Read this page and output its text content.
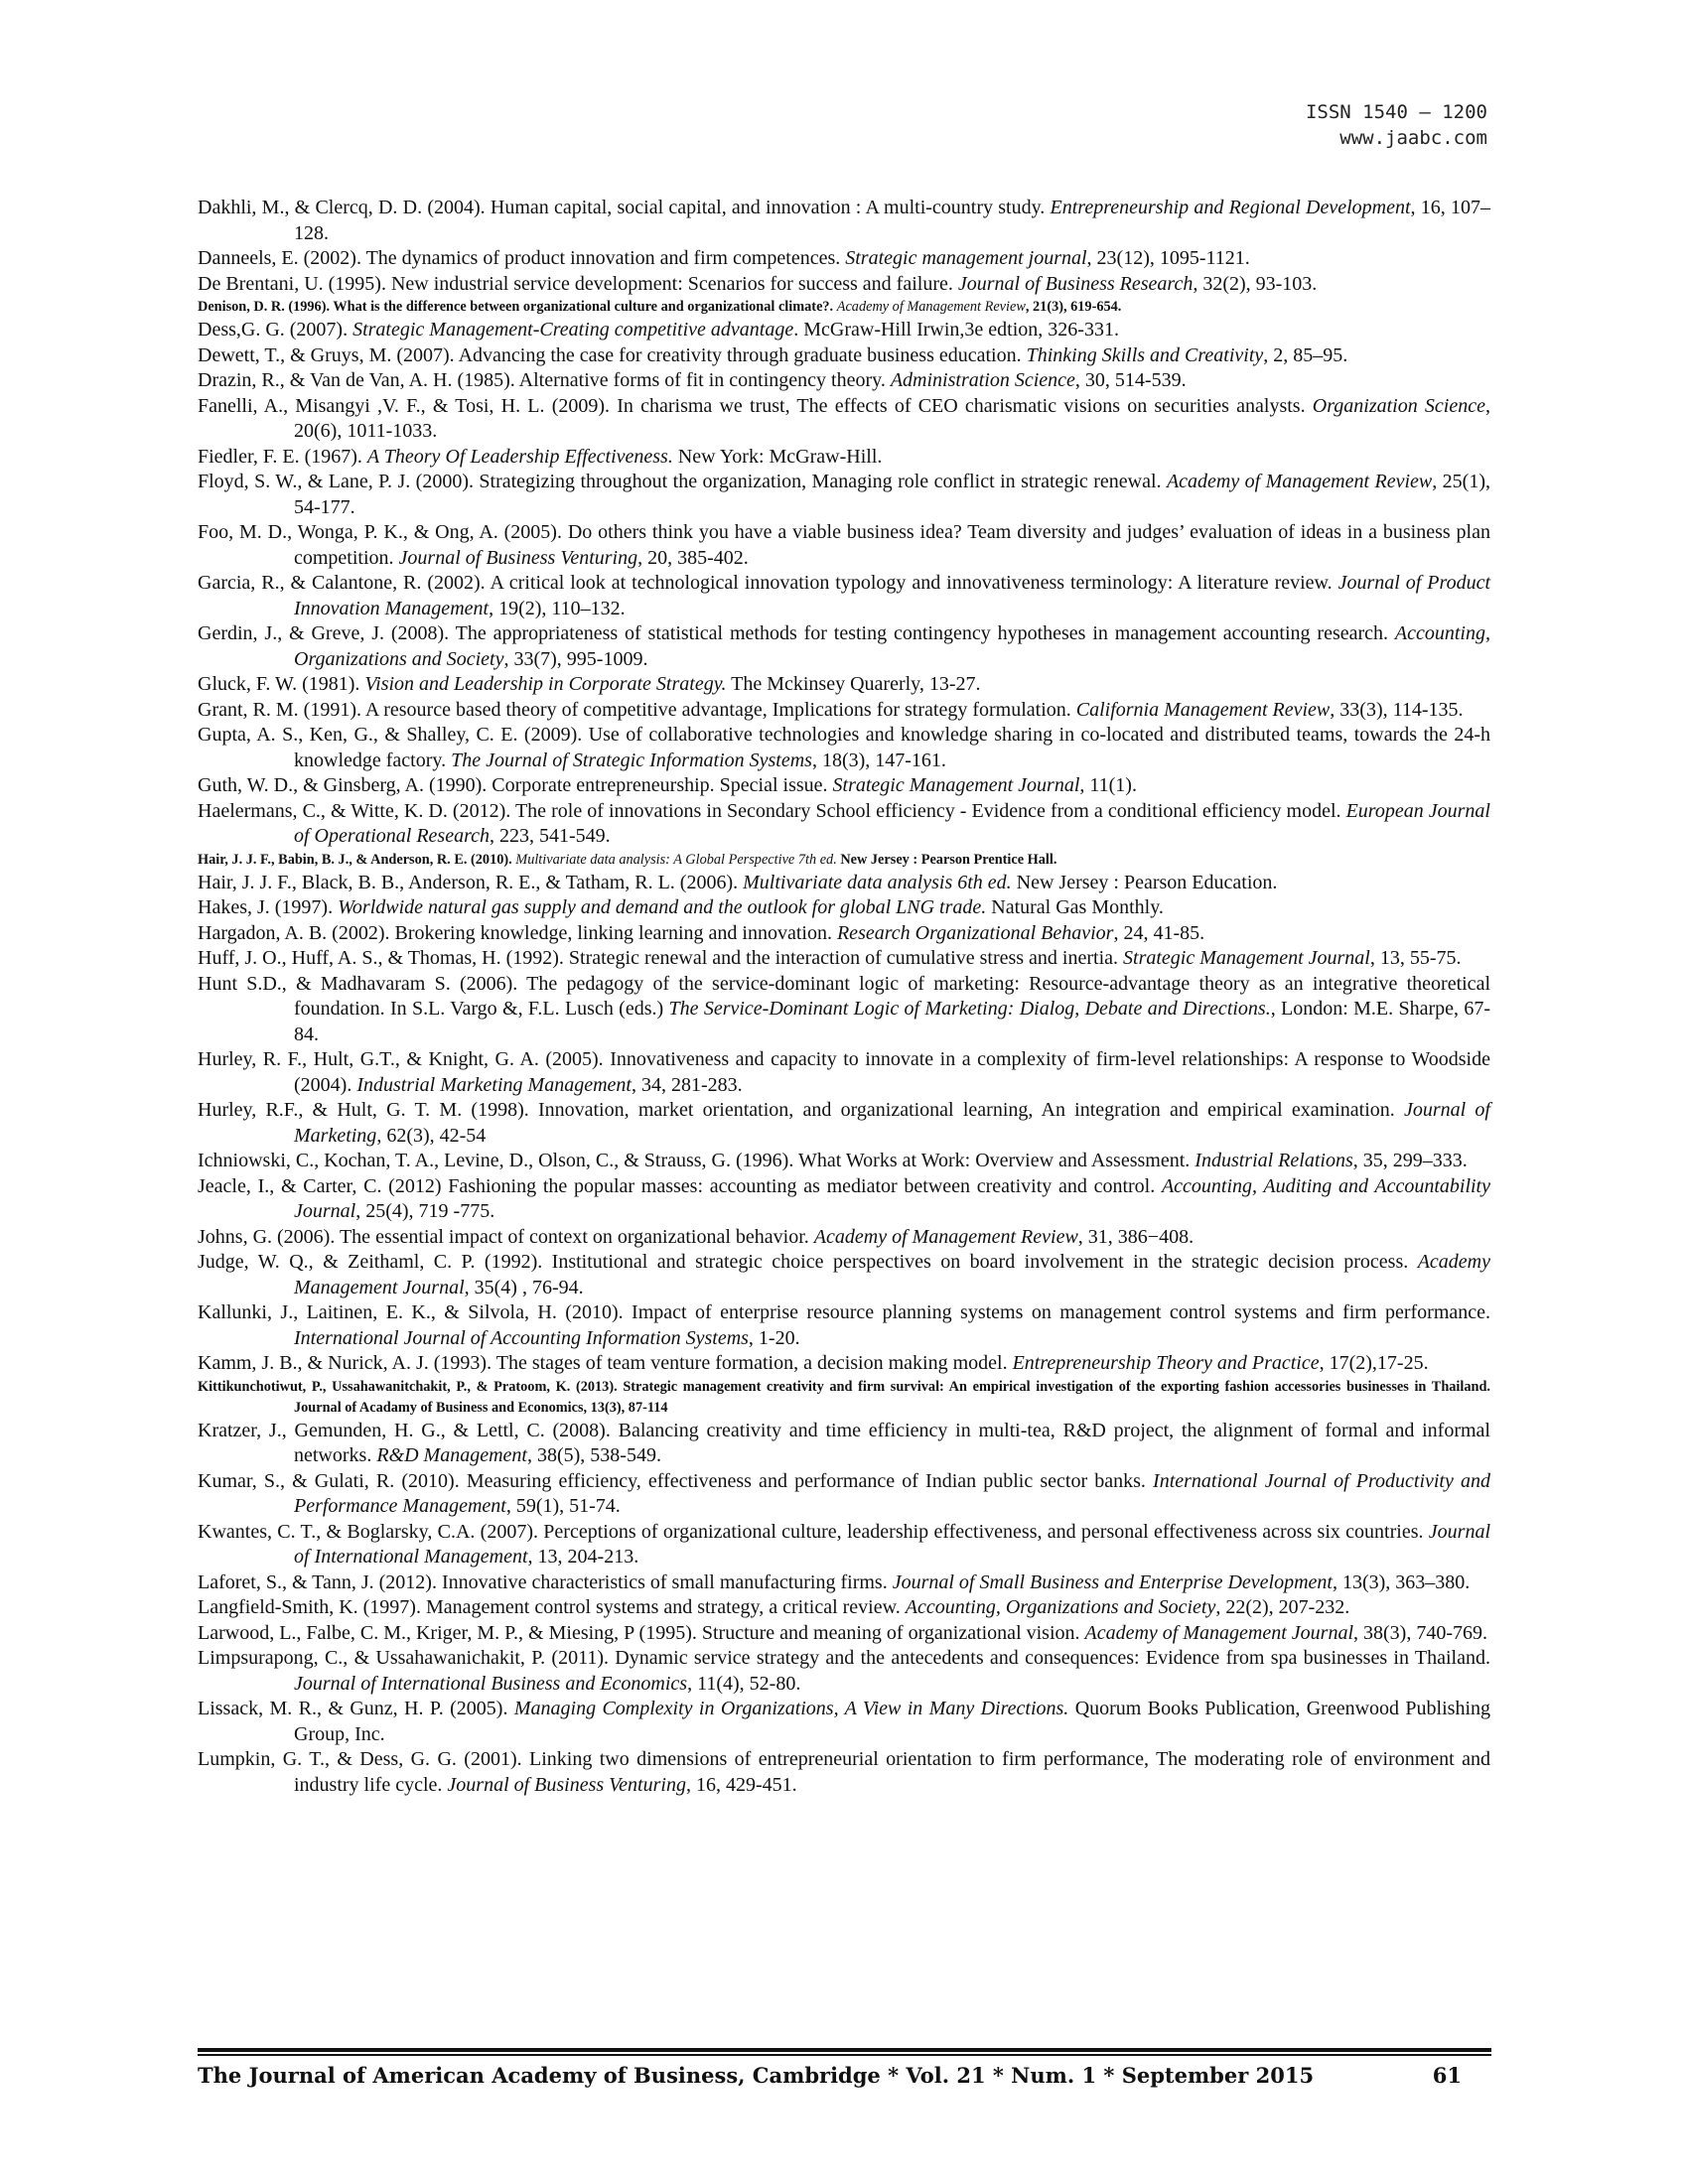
ISSN 1540 – 1200
www.jaabc.com

Dakhli, M., & Clercq, D. D. (2004). Human capital, social capital, and innovation : A multi-country study. Entrepreneurship and Regional Development, 16, 107–128.

Danneels, E. (2002). The dynamics of product innovation and firm competences. Strategic management journal, 23(12), 1095-1121.

De Brentani, U. (1995). New industrial service development: Scenarios for success and failure. Journal of Business Research, 32(2), 93-103.

Denison, D. R. (1996). What is the difference between organizational culture and organizational climate?. Academy of Management Review, 21(3), 619-654.

Dess,G. G. (2007). Strategic Management-Creating competitive advantage. McGraw-Hill Irwin,3e edtion, 326-331.

Dewett, T., & Gruys, M. (2007). Advancing the case for creativity through graduate business education. Thinking Skills and Creativity, 2, 85–95.

Drazin, R., & Van de Van, A. H. (1985). Alternative forms of fit in contingency theory. Administration Science, 30, 514-539.

Fanelli, A., Misangyi ,V. F., & Tosi, H. L. (2009). In charisma we trust, The effects of CEO charismatic visions on securities analysts. Organization Science, 20(6), 1011-1033.

Fiedler, F. E. (1967). A Theory Of Leadership Effectiveness. New York: McGraw-Hill.

Floyd, S. W., & Lane, P. J. (2000). Strategizing throughout the organization, Managing role conflict in strategic renewal. Academy of Management Review, 25(1), 54-177.

Foo, M. D., Wonga, P. K., & Ong, A. (2005). Do others think you have a viable business idea? Team diversity and judges’ evaluation of ideas in a business plan competition. Journal of Business Venturing, 20, 385-402.

Garcia, R., & Calantone, R. (2002). A critical look at technological innovation typology and innovativeness terminology: A literature review. Journal of Product Innovation Management, 19(2), 110–132.

Gerdin, J., & Greve, J. (2008). The appropriateness of statistical methods for testing contingency hypotheses in management accounting research. Accounting, Organizations and Society, 33(7), 995-1009.

Gluck, F. W. (1981). Vision and Leadership in Corporate Strategy. The Mckinsey Quarerly, 13-27.

Grant, R. M. (1991). A resource based theory of competitive advantage, Implications for strategy formulation. California Management Review, 33(3), 114-135.

Gupta, A. S., Ken, G., & Shalley, C. E. (2009). Use of collaborative technologies and knowledge sharing in co-located and distributed teams, towards the 24-h knowledge factory. The Journal of Strategic Information Systems, 18(3), 147-161.

Guth, W. D., & Ginsberg, A. (1990). Corporate entrepreneurship. Special issue. Strategic Management Journal, 11(1).

Haelermans, C., & Witte, K. D. (2012). The role of innovations in Secondary School efficiency - Evidence from a conditional efficiency model. European Journal of Operational Research, 223, 541-549.

Hair, J. J. F., Babin, B. J., & Anderson, R. E. (2010). Multivariate data analysis: A Global Perspective 7th ed. New Jersey : Pearson Prentice Hall.

Hair, J. J. F., Black, B. B., Anderson, R. E., & Tatham, R. L. (2006). Multivariate data analysis 6th ed. New Jersey : Pearson Education.

Hakes, J. (1997). Worldwide natural gas supply and demand and the outlook for global LNG trade. Natural Gas Monthly.

Hargadon, A. B. (2002). Brokering knowledge, linking learning and innovation. Research Organizational Behavior, 24, 41-85.

Huff, J. O., Huff, A. S., & Thomas, H. (1992). Strategic renewal and the interaction of cumulative stress and inertia. Strategic Management Journal, 13, 55-75.

Hunt S.D., & Madhavaram S. (2006). The pedagogy of the service-dominant logic of marketing: Resource-advantage theory as an integrative theoretical foundation. In S.L. Vargo &, F.L. Lusch (eds.) The Service-Dominant Logic of Marketing: Dialog, Debate and Directions., London: M.E. Sharpe, 67-84.

Hurley, R. F., Hult, G.T., & Knight, G. A. (2005). Innovativeness and capacity to innovate in a complexity of firm-level relationships: A response to Woodside (2004). Industrial Marketing Management, 34, 281-283.

Hurley, R.F., & Hult, G. T. M. (1998). Innovation, market orientation, and organizational learning, An integration and empirical examination. Journal of Marketing, 62(3), 42-54

Ichniowski, C., Kochan, T. A., Levine, D., Olson, C., & Strauss, G. (1996). What Works at Work: Overview and Assessment. Industrial Relations, 35, 299–333.

Jeacle, I., & Carter, C. (2012) Fashioning the popular masses: accounting as mediator between creativity and control. Accounting, Auditing and Accountability Journal, 25(4), 719 -775.

Johns, G. (2006). The essential impact of context on organizational behavior. Academy of Management Review, 31, 386−408.

Judge, W. Q., & Zeithaml, C. P. (1992). Institutional and strategic choice perspectives on board involvement in the strategic decision process. Academy Management Journal, 35(4) , 76-94.

Kallunki, J., Laitinen, E. K., & Silvola, H. (2010). Impact of enterprise resource planning systems on management control systems and firm performance. International Journal of Accounting Information Systems, 1-20.

Kamm, J. B., & Nurick, A. J. (1993). The stages of team venture formation, a decision making model. Entrepreneurship Theory and Practice, 17(2),17-25.

Kittikunchotiwut, P., Ussahawanitchakit, P., & Pratoom, K. (2013). Strategic management creativity and firm survival: An empirical investigation of the exporting fashion accessories businesses in Thailand. Journal of Acadamy of Business and Economics, 13(3), 87-114

Kratzer, J., Gemunden, H. G., & Lettl, C. (2008). Balancing creativity and time efficiency in multi-tea, R&D project, the alignment of formal and informal networks. R&D Management, 38(5), 538-549.

Kumar, S., & Gulati, R. (2010). Measuring efficiency, effectiveness and performance of Indian public sector banks. International Journal of Productivity and Performance Management, 59(1), 51-74.

Kwantes, C. T., & Boglarsky, C.A. (2007). Perceptions of organizational culture, leadership effectiveness, and personal effectiveness across six countries. Journal of International Management, 13, 204-213.

Laforet, S., & Tann, J. (2012). Innovative characteristics of small manufacturing firms. Journal of Small Business and Enterprise Development, 13(3), 363–380.

Langfield-Smith, K. (1997). Management control systems and strategy, a critical review. Accounting, Organizations and Society, 22(2), 207-232.

Larwood, L., Falbe, C. M., Kriger, M. P., & Miesing, P (1995). Structure and meaning of organizational vision. Academy of Management Journal, 38(3), 740-769.

Limpsurapong, C., & Ussahawanichakit, P. (2011). Dynamic service strategy and the antecedents and consequences: Evidence from spa businesses in Thailand. Journal of International Business and Economics, 11(4), 52-80.

Lissack, M. R., & Gunz, H. P. (2005). Managing Complexity in Organizations, A View in Many Directions. Quorum Books Publication, Greenwood Publishing Group, Inc.

Lumpkin, G. T., & Dess, G. G. (2001). Linking two dimensions of entrepreneurial orientation to firm performance, The moderating role of environment and industry life cycle. Journal of Business Venturing, 16, 429-451.

The Journal of American Academy of Business, Cambridge * Vol. 21 * Num. 1 * September 2015	61
